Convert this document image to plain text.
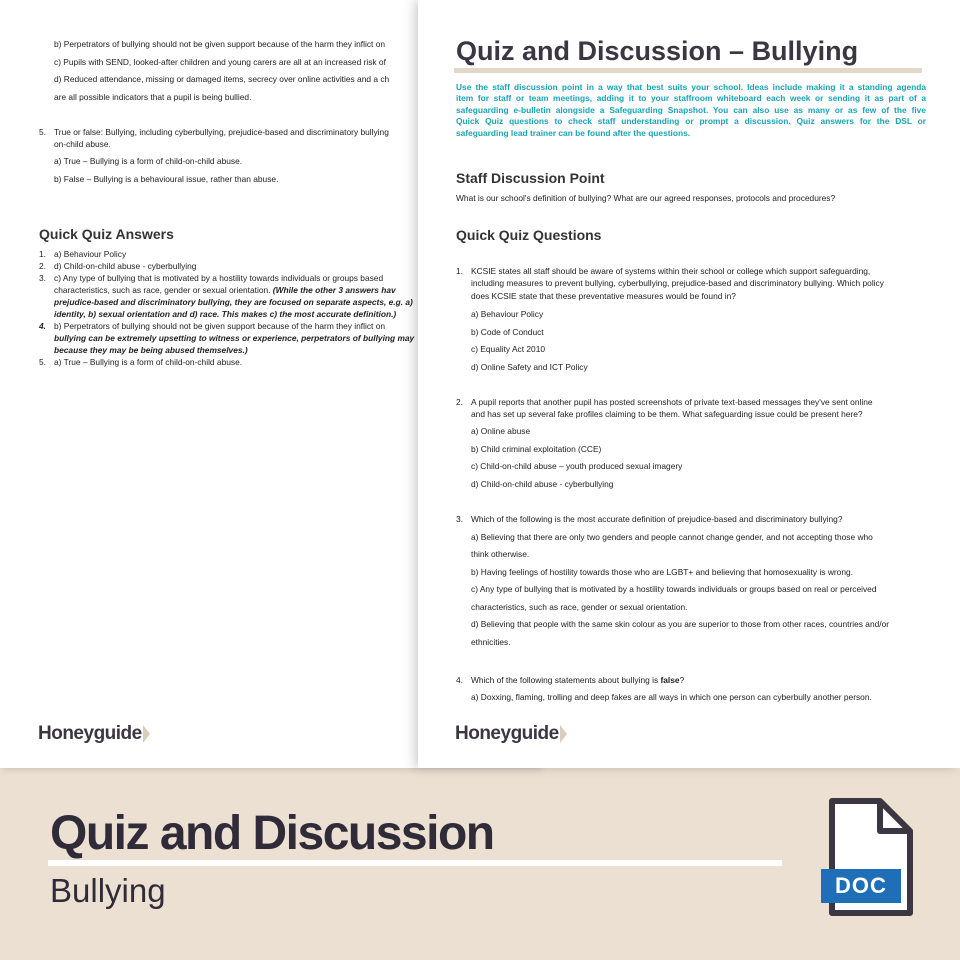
b) Perpetrators of bullying should not be given support because of the harm they inflict on
c) Pupils with SEND, looked-after children and young carers are all at an increased risk of
d) Reduced attendance, missing or damaged items, secrecy over online activities and a ch
are all possible indicators that a pupil is being bullied.
5. True or false: Bullying, including cyberbullying, prejudice-based and discriminatory bullying
on-child abuse.
a) True – Bullying is a form of child-on-child abuse.
b) False – Bullying is a behavioural issue, rather than abuse.
Quick Quiz Answers
1. a) Behaviour Policy
2. d) Child-on-child abuse - cyberbullying
3. c) Any type of bullying that is motivated by a hostility towards individuals or groups based
characteristics, such as race, gender or sexual orientation. (While the other 3 answers hav
prejudice-based and discriminatory bullying, they are focused on separate aspects, e.g. a)
identity, b) sexual orientation and d) race. This makes c) the most accurate definition.)
4. b) Perpetrators of bullying should not be given support because of the harm they inflict on
bullying can be extremely upsetting to witness or experience, perpetrators of bullying may
because they may be being abused themselves.)
5. a) True – Bullying is a form of child-on-child abuse.
Honeyguide
Quiz and Discussion – Bullying
Use the staff discussion point in a way that best suits your school. Ideas include making it a standing agenda
item for staff or team meetings, adding it to your staffroom whiteboard each week or sending it as part of a
safeguarding e-bulletin alongside a Safeguarding Snapshot. You can also use as many or as few of the five
Quick Quiz questions to check staff understanding or prompt a discussion. Quiz answers for the DSL or
safeguarding lead trainer can be found after the questions.
Staff Discussion Point
What is our school's definition of bullying? What are our agreed responses, protocols and procedures?
Quick Quiz Questions
1. KCSIE states all staff should be aware of systems within their school or college which support safeguarding,
including measures to prevent bullying, cyberbullying, prejudice-based and discriminatory bullying. Which policy
does KCSIE state that these preventative measures would be found in?
a) Behaviour Policy
b) Code of Conduct
c) Equality Act 2010
d) Online Safety and ICT Policy
2. A pupil reports that another pupil has posted screenshots of private text-based messages they've sent online
and has set up several fake profiles claiming to be them. What safeguarding issue could be present here?
a) Online abuse
b) Child criminal exploitation (CCE)
c) Child-on-child abuse – youth produced sexual imagery
d) Child-on-child abuse - cyberbullying
3. Which of the following is the most accurate definition of prejudice-based and discriminatory bullying?
a) Believing that there are only two genders and people cannot change gender, and not accepting those who
think otherwise.
b) Having feelings of hostility towards those who are LGBT+ and believing that homosexuality is wrong.
c) Any type of bullying that is motivated by a hostility towards individuals or groups based on real or perceived
characteristics, such as race, gender or sexual orientation.
d) Believing that people with the same skin colour as you are superior to those from other races, countries and/or
ethnicities.
4. Which of the following statements about bullying is false?
a) Doxxing, flaming, trolling and deep fakes are all ways in which one person can cyberbully another person.
Honeyguide
Quiz and Discussion
Bullying	DOC
